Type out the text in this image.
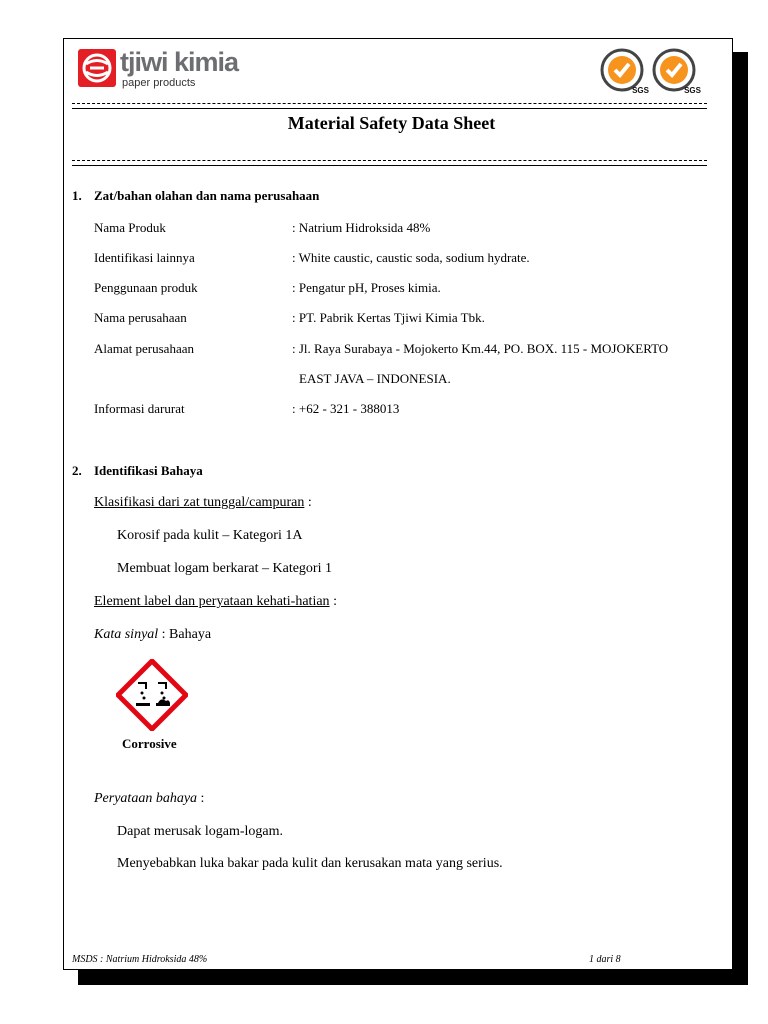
tjiwi kimia
paper products
SGS	SGS
Material Safety Data Sheet
1. Zat/bahan olahan dan nama perusahaan
Nama Produk	: Natrium Hidroksida 48%
Identifikasi lainnya	: White caustic, caustic soda, sodium hydrate.
Penggunaan produk	: Pengatur pH, Proses kimia.
Nama perusahaan	: PT. Pabrik Kertas Tjiwi Kimia Tbk.
Alamat perusahaan	: Jl. Raya Surabaya - Mojokerto Km.44, PO. BOX. 115 - MOJOKERTO
EAST JAVA – INDONESIA.
Informasi darurat	: +62 - 321 - 388013
2. Identifikasi Bahaya
Klasifikasi dari zat tunggal/campuran :
Korosif pada kulit – Kategori 1A
Membuat logam berkarat – Kategori 1
Element label dan peryataan kehati-hatian :
Kata sinyal : Bahaya
Corrosive
Peryataan bahaya :
Dapat merusak logam-logam.
Menyebabkan luka bakar pada kulit dan kerusakan mata yang serius.
MSDS : Natrium Hidroksida 48%	1 dari 8
